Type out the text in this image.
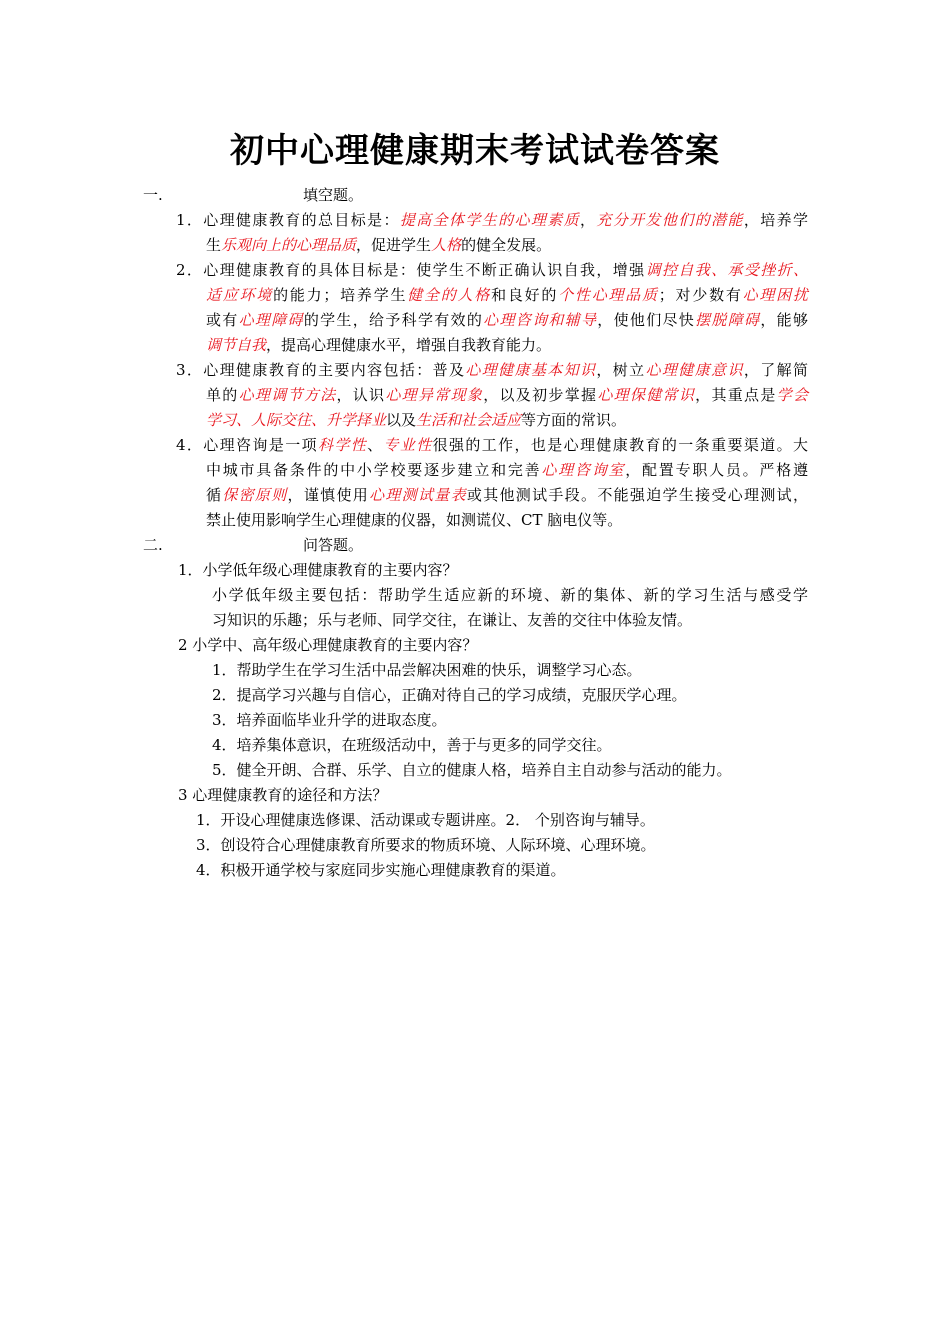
初中心理健康期末考试试卷答案
一.	填空题。
1．心理健康教育的总目标是：提高全体学生的心理素质，充分开发他们的潜能，培养学
生乐观向上的心理品质，促进学生人格的健全发展。
2．心理健康教育的具体目标是：使学生不断正确认识自我，增强调控自我、承受挫折、
适应环境的能力；培养学生健全的人格和良好的个性心理品质；对少数有心理困扰
或有心理障碍的学生，给予科学有效的心理咨询和辅导，使他们尽快摆脱障碍，能够
调节自我，提高心理健康水平，增强自我教育能力。
3．心理健康教育的主要内容包括：普及心理健康基本知识，树立心理健康意识，了解简
单的心理调节方法，认识心理异常现象，以及初步掌握心理保健常识，其重点是学会
学习、人际交往、升学择业以及生活和社会适应等方面的常识。
4．心理咨询是一项科学性、专业性很强的工作，也是心理健康教育的一条重要渠道。大
中城市具备条件的中小学校要逐步建立和完善心理咨询室，配置专职人员。严格遵
循保密原则，谨慎使用心理测试量表或其他测试手段。不能强迫学生接受心理测试，
禁止使用影响学生心理健康的仪器，如测谎仪、CT 脑电仪等。
二.	问答题。
1．小学低年级心理健康教育的主要内容？
小学低年级主要包括：帮助学生适应新的环境、新的集体、新的学习生活与感受学
习知识的乐趣；乐与老师、同学交往，在谦让、友善的交往中体验友情。
2 小学中、高年级心理健康教育的主要内容？
1．帮助学生在学习生活中品尝解决困难的快乐，调整学习心态。
2．提高学习兴趣与自信心，正确对待自己的学习成绩，克服厌学心理。
3．培养面临毕业升学的进取态度。
4．培养集体意识，在班级活动中，善于与更多的同学交往。
5．健全开朗、合群、乐学、自立的健康人格，培养自主自动参与活动的能力。
3 心理健康教育的途径和方法？
1．开设心理健康选修课、活动课或专题讲座。2． 个别咨询与辅导。
3．创设符合心理健康教育所要求的物质环境、人际环境、心理环境。
4．积极开通学校与家庭同步实施心理健康教育的渠道。
